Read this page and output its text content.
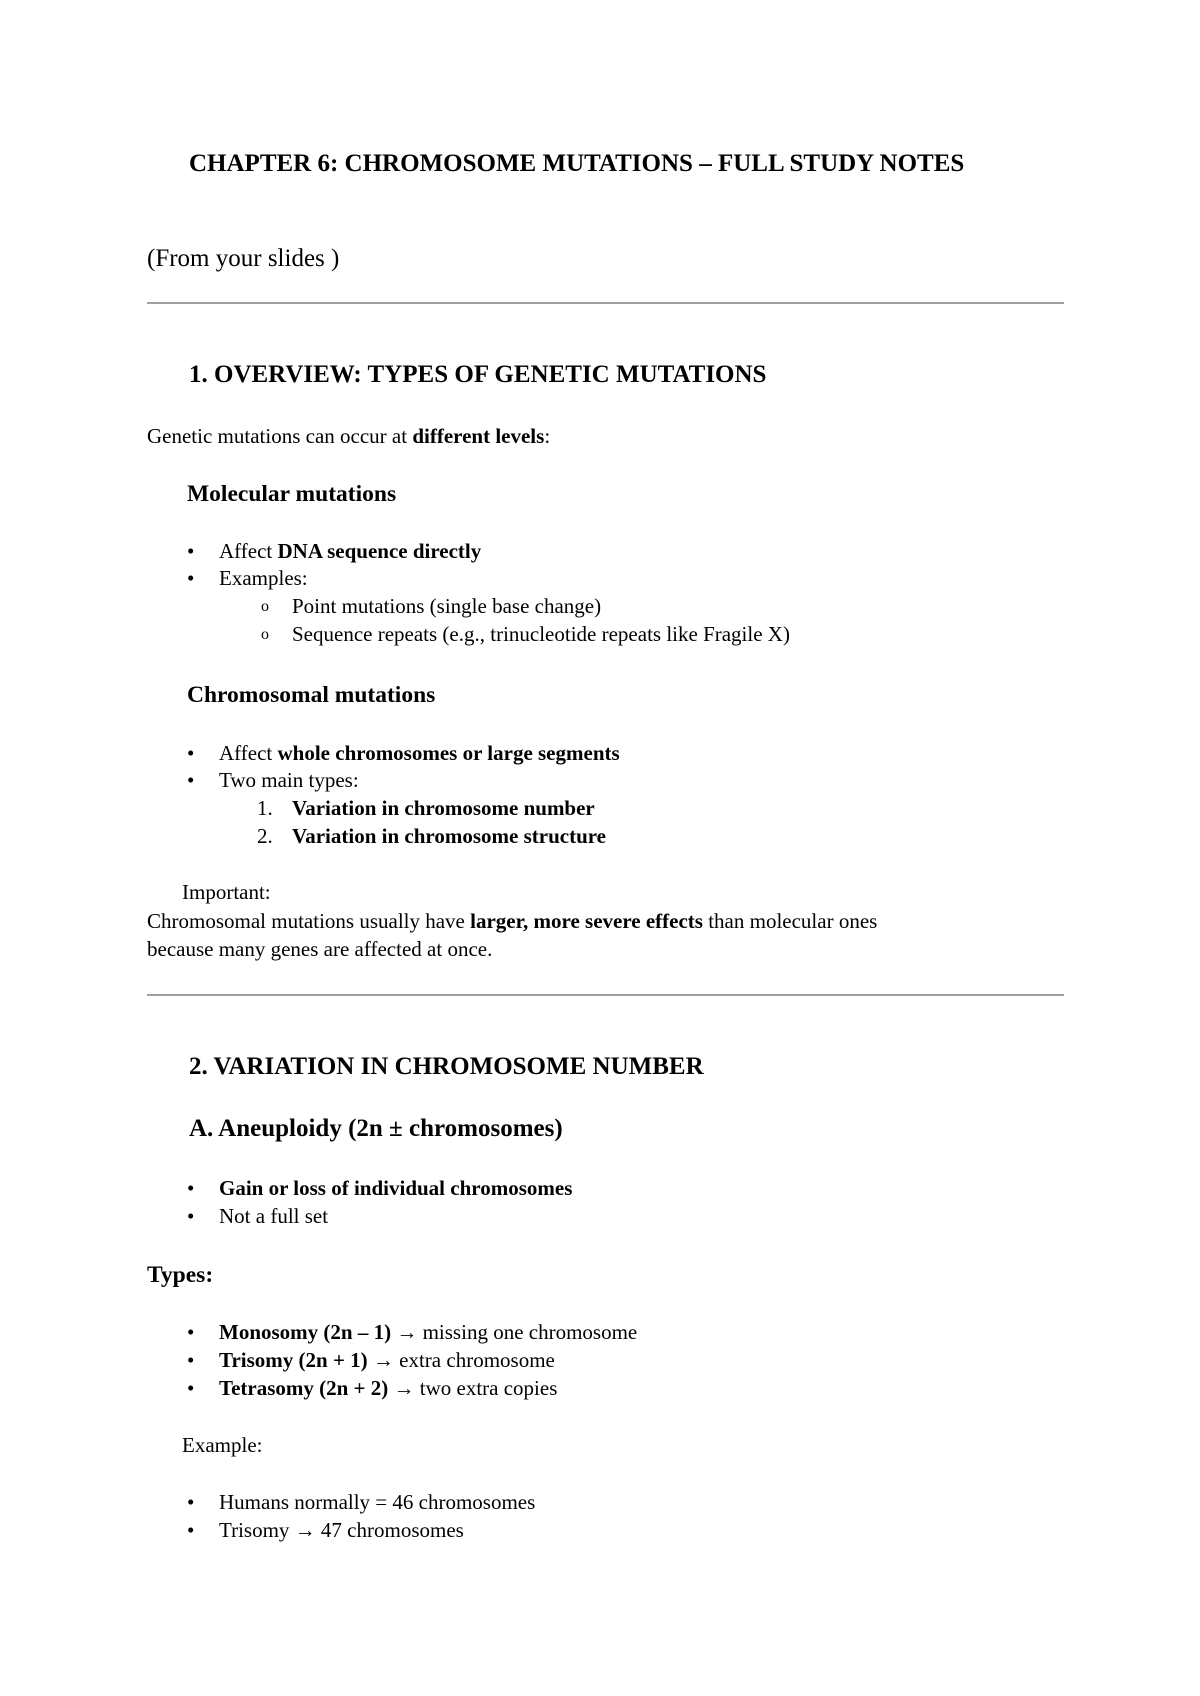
CHAPTER 6: CHROMOSOME MUTATIONS – FULL STUDY NOTES
(From your slides )
1. OVERVIEW: TYPES OF GENETIC MUTATIONS
Genetic mutations can occur at different levels:
Molecular mutations
• Affect DNA sequence directly
• Examples:
o Point mutations (single base change)
o Sequence repeats (e.g., trinucleotide repeats like Fragile X)
Chromosomal mutations
• Affect whole chromosomes or large segments
• Two main types:
1. Variation in chromosome number
2. Variation in chromosome structure
Important:
Chromosomal mutations usually have larger, more severe effects than molecular ones
because many genes are affected at once.
2. VARIATION IN CHROMOSOME NUMBER
A. Aneuploidy (2n ± chromosomes)
• Gain or loss of individual chromosomes
• Not a full set
Types:
• Monosomy (2n – 1) → missing one chromosome
• Trisomy (2n + 1) → extra chromosome
• Tetrasomy (2n + 2) → two extra copies
Example:
• Humans normally = 46 chromosomes
• Trisomy → 47 chromosomes
